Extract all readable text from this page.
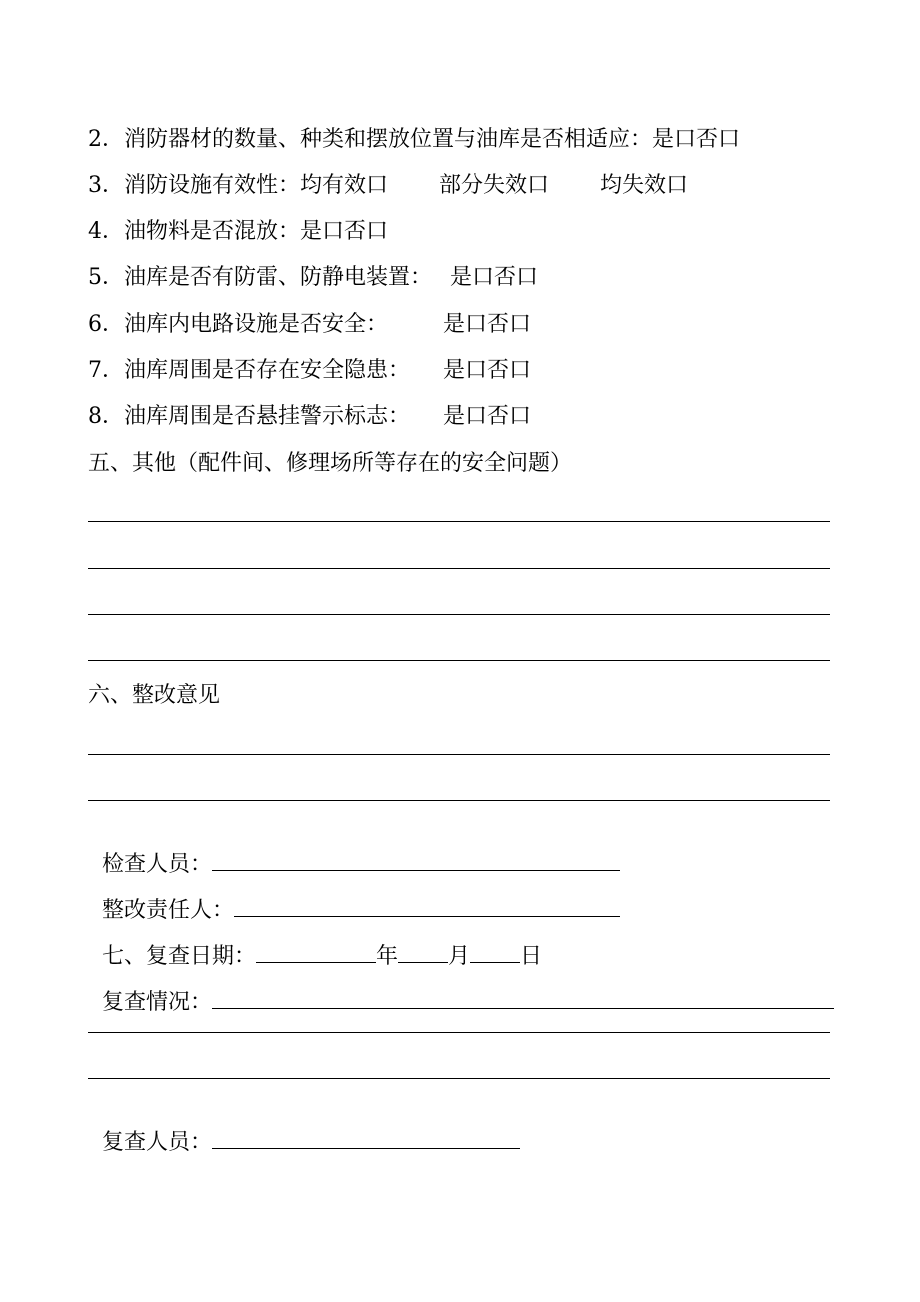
2．消防器材的数量、种类和摆放位置与油库是否相适应：是口否口
3．消防设施有效性：均有效口　　 部分失效口　　 均失效口
4．油物料是否混放：是口否口
5．油库是否有防雷、防静电装置：　 是口否口
6．油库内电路设施是否安全：　　　是口否口
7．油库周围是否存在安全隐患：　　是口否口
8．油库周围是否悬挂警示标志：　　是口否口
五、其他（配件间、修理场所等存在的安全问题）
六、整改意见

检查人员：

整改责任人：

七、复查日期：	年 月 日

复查情况：

复查人员：
